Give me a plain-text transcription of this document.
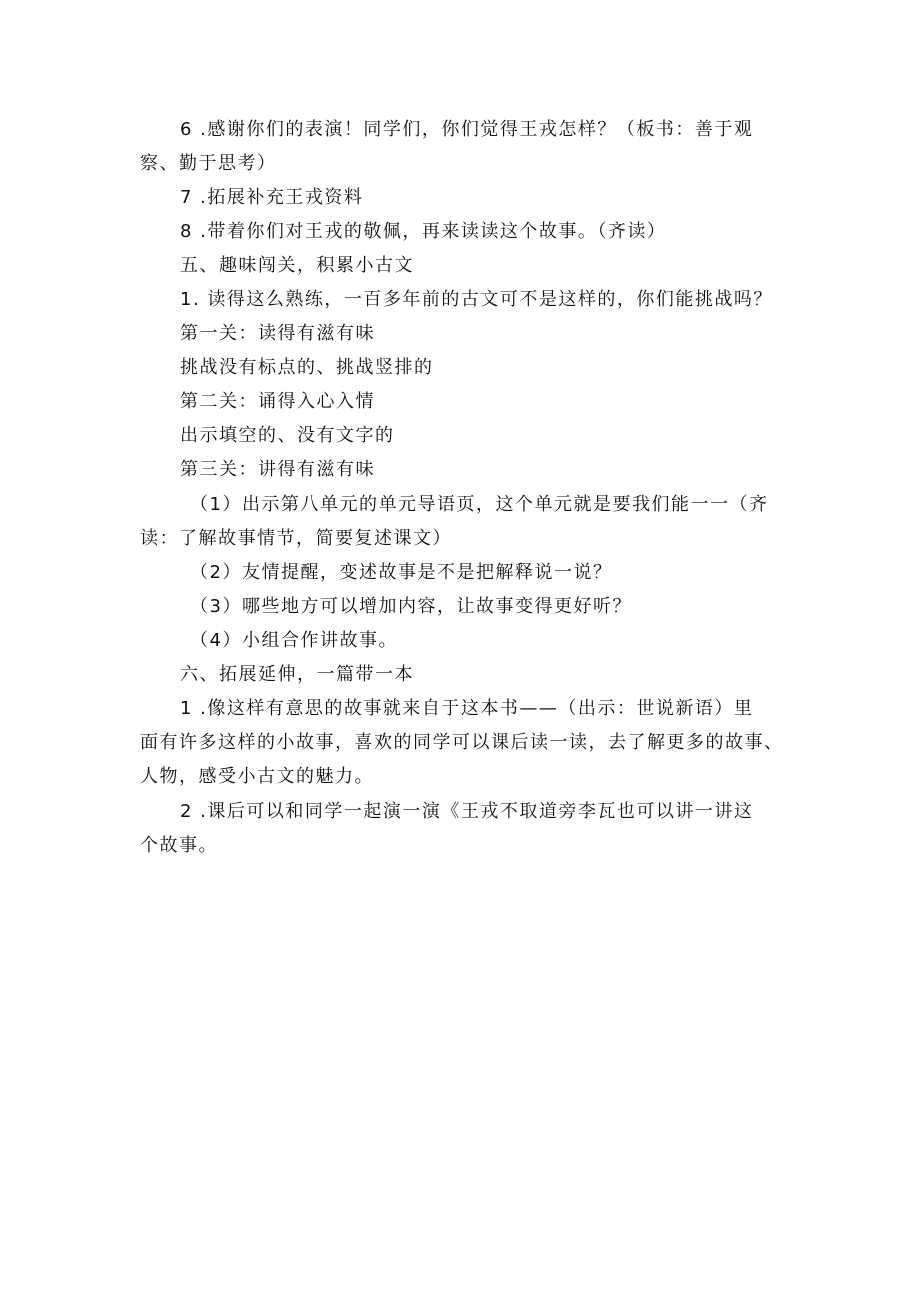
6 .感谢你们的表演！同学们，你们觉得王戎怎样？（板书：善于观
察、勤于思考）
7 .拓展补充王戎资料
8 .带着你们对王戎的敬佩，再来读读这个故事。（齐读）
五、趣味闯关，积累小古文
1. 读得这么熟练，一百多年前的古文可不是这样的，你们能挑战吗？
第一关：读得有滋有味
挑战没有标点的、挑战竖排的
第二关：诵得入心入情
出示填空的、没有文字的
第三关：讲得有滋有味
（1）出示第八单元的单元导语页，这个单元就是要我们能一一（齐
读：了解故事情节，简要复述课文）
（2）友情提醒，变述故事是不是把解释说一说？
（3）哪些地方可以增加内容，让故事变得更好听？
（4）小组合作讲故事。
六、拓展延伸，一篇带一本
1 .像这样有意思的故事就来自于这本书——（出示：世说新语）里
面有许多这样的小故事，喜欢的同学可以课后读一读，去了解更多的故事、
人物，感受小古文的魅力。
2 .课后可以和同学一起演一演《王戎不取道旁李瓦也可以讲一讲这
个故事。
